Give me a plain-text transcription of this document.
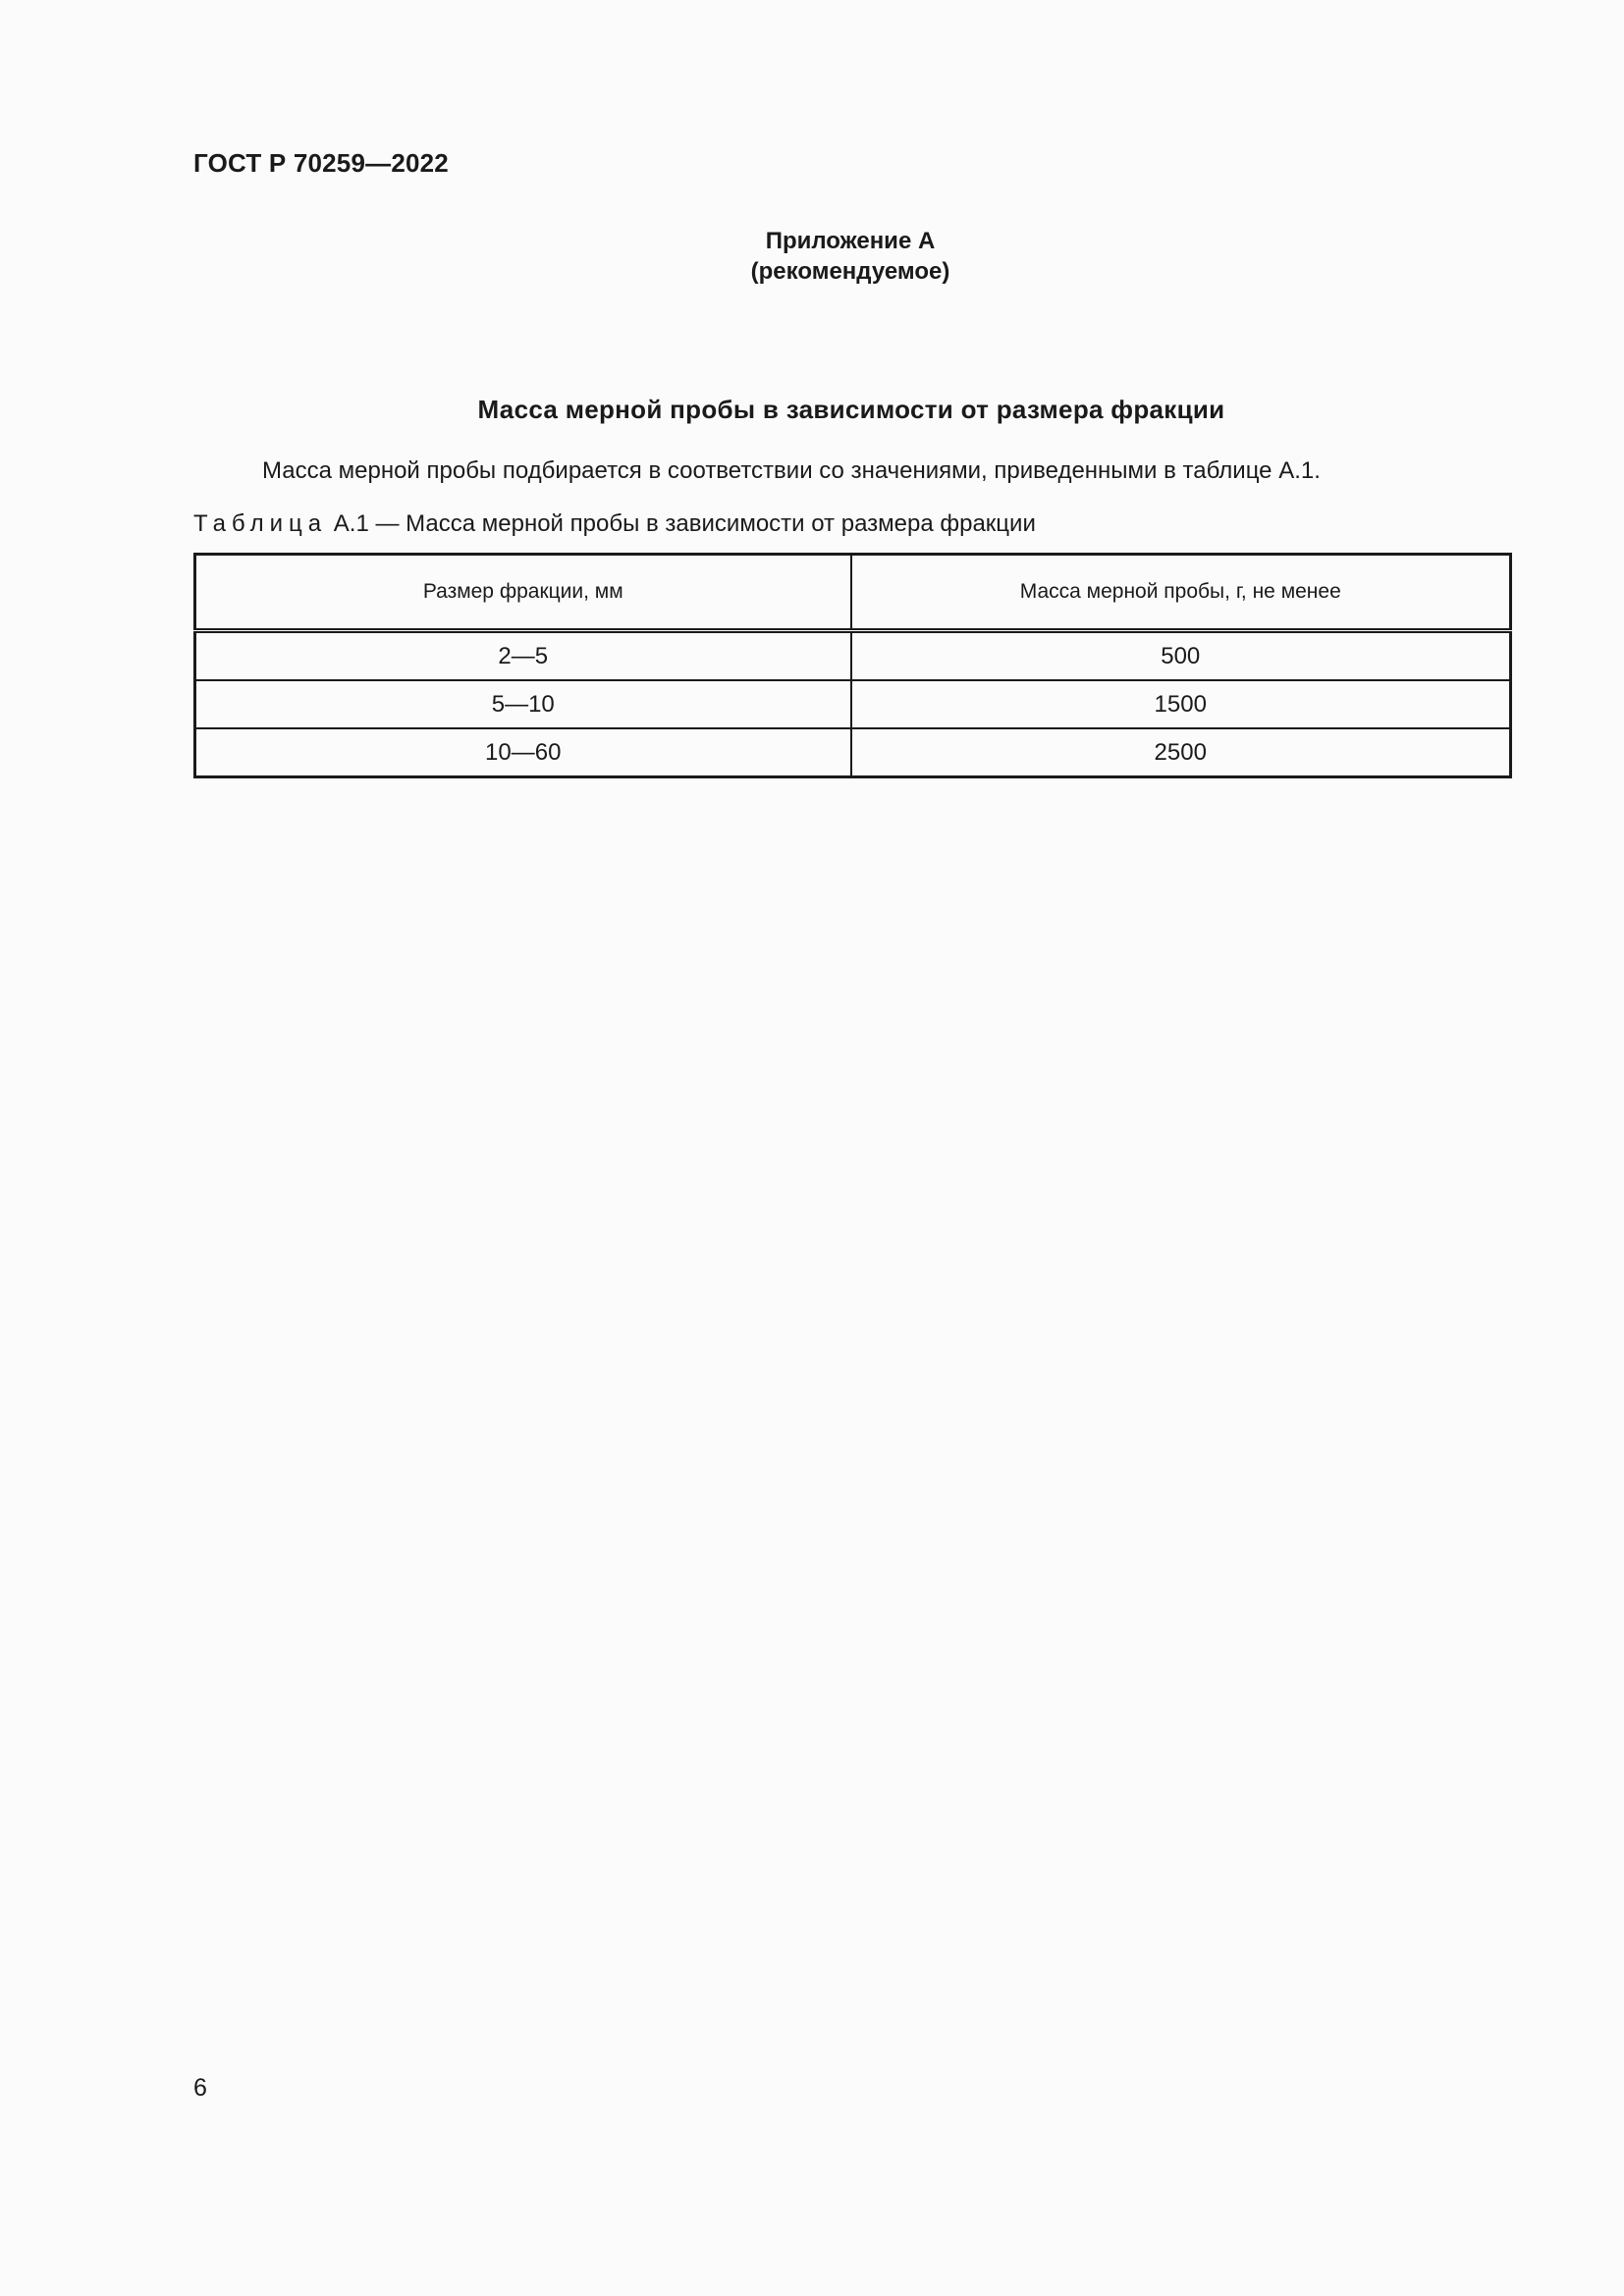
ГОСТ Р 70259—2022
Приложение А
(рекомендуемое)
Масса мерной пробы в зависимости от размера фракции
Масса мерной пробы подбирается в соответствии со значениями, приведенными в таблице А.1.
Таблица А.1 — Масса мерной пробы в зависимости от размера фракции
Размер фракции, мм	Масса мерной пробы, г, не менее
2—5	500
5—10	1500
10—60	2500
6
